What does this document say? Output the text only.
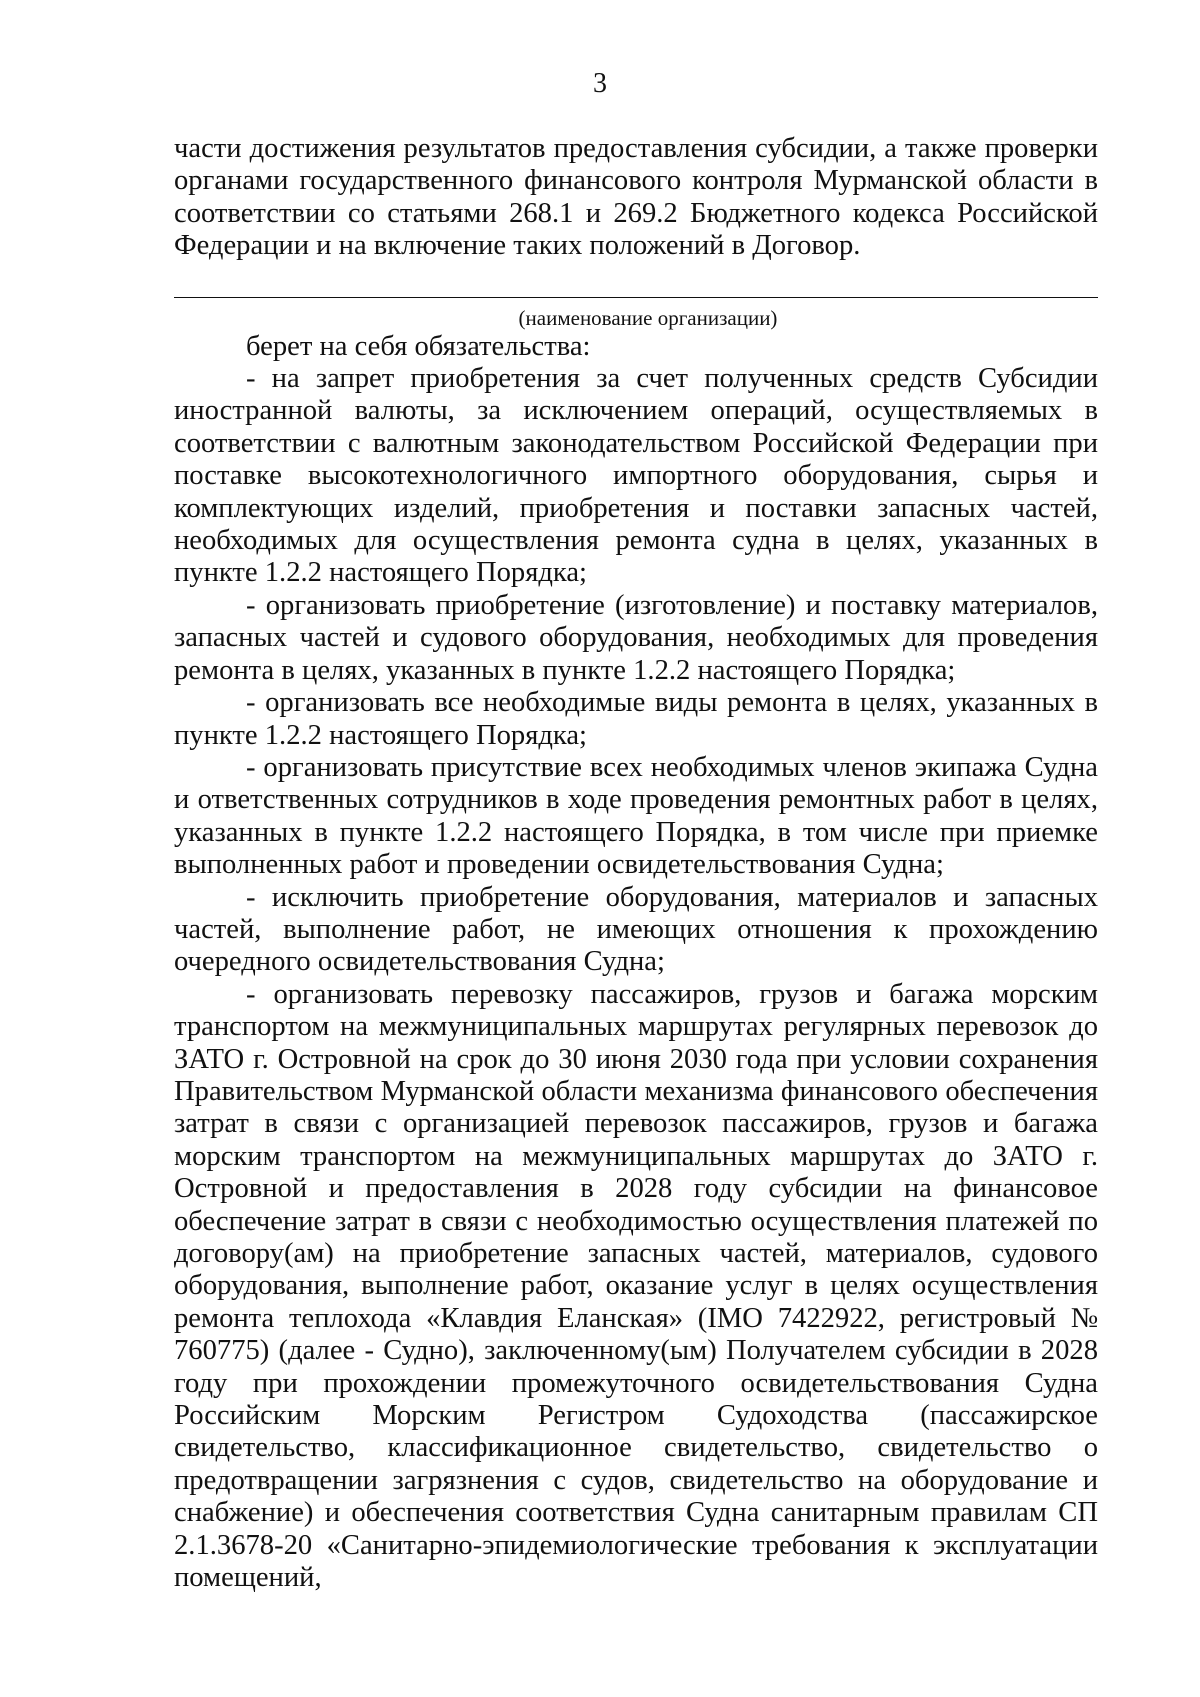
3

части достижения результатов предоставления субсидии, а также проверки органами государственного финансового контроля Мурманской области в соответствии со статьями 268.1 и 269.2 Бюджетного кодекса Российской Федерации и на включение таких положений в Договор.

(наименование организации)

берет на себя обязательства:

- на запрет приобретения за счет полученных средств Субсидии иностранной валюты, за исключением операций, осуществляемых в соответствии с валютным законодательством Российской Федерации при поставке высокотехнологичного импортного оборудования, сырья и комплектующих изделий, приобретения и поставки запасных частей, необходимых для осуществления ремонта судна в целях, указанных в пункте 1.2.2 настоящего Порядка;

- организовать приобретение (изготовление) и поставку материалов, запасных частей и судового оборудования, необходимых для проведения ремонта в целях, указанных в пункте 1.2.2 настоящего Порядка;

- организовать все необходимые виды ремонта в целях, указанных в пункте 1.2.2 настоящего Порядка;

- организовать присутствие всех необходимых членов экипажа Судна и ответственных сотрудников в ходе проведения ремонтных работ в целях, указанных в пункте 1.2.2 настоящего Порядка, в том числе при приемке выполненных работ и проведении освидетельствования Судна;

- исключить приобретение оборудования, материалов и запасных частей, выполнение работ, не имеющих отношения к прохождению очередного освидетельствования Судна;

- организовать перевозку пассажиров, грузов и багажа морским транспортом на межмуниципальных маршрутах регулярных перевозок до ЗАТО г. Островной на срок до 30 июня 2030 года при условии сохранения Правительством Мурманской области механизма финансового обеспечения затрат в связи с организацией перевозок пассажиров, грузов и багажа морским транспортом на межмуниципальных маршрутах до ЗАТО г. Островной и предоставления в 2028 году субсидии на финансовое обеспечение затрат в связи с необходимостью осуществления платежей по договору(ам) на приобретение запасных частей, материалов, судового оборудования, выполнение работ, оказание услуг в целях осуществления ремонта теплохода «Клавдия Еланская» (IMO 7422922, регистровый № 760775) (далее - Судно), заключенному(ым) Получателем субсидии в 2028 году при прохождении промежуточного освидетельствования Судна Российским Морским Регистром Судоходства (пассажирское свидетельство, классификационное свидетельство, свидетельство о предотвращении загрязнения с судов, свидетельство на оборудование и снабжение) и обеспечения соответствия Судна санитарным правилам СП 2.1.3678-20 «Санитарно-эпидемиологические требования к эксплуатации помещений,
